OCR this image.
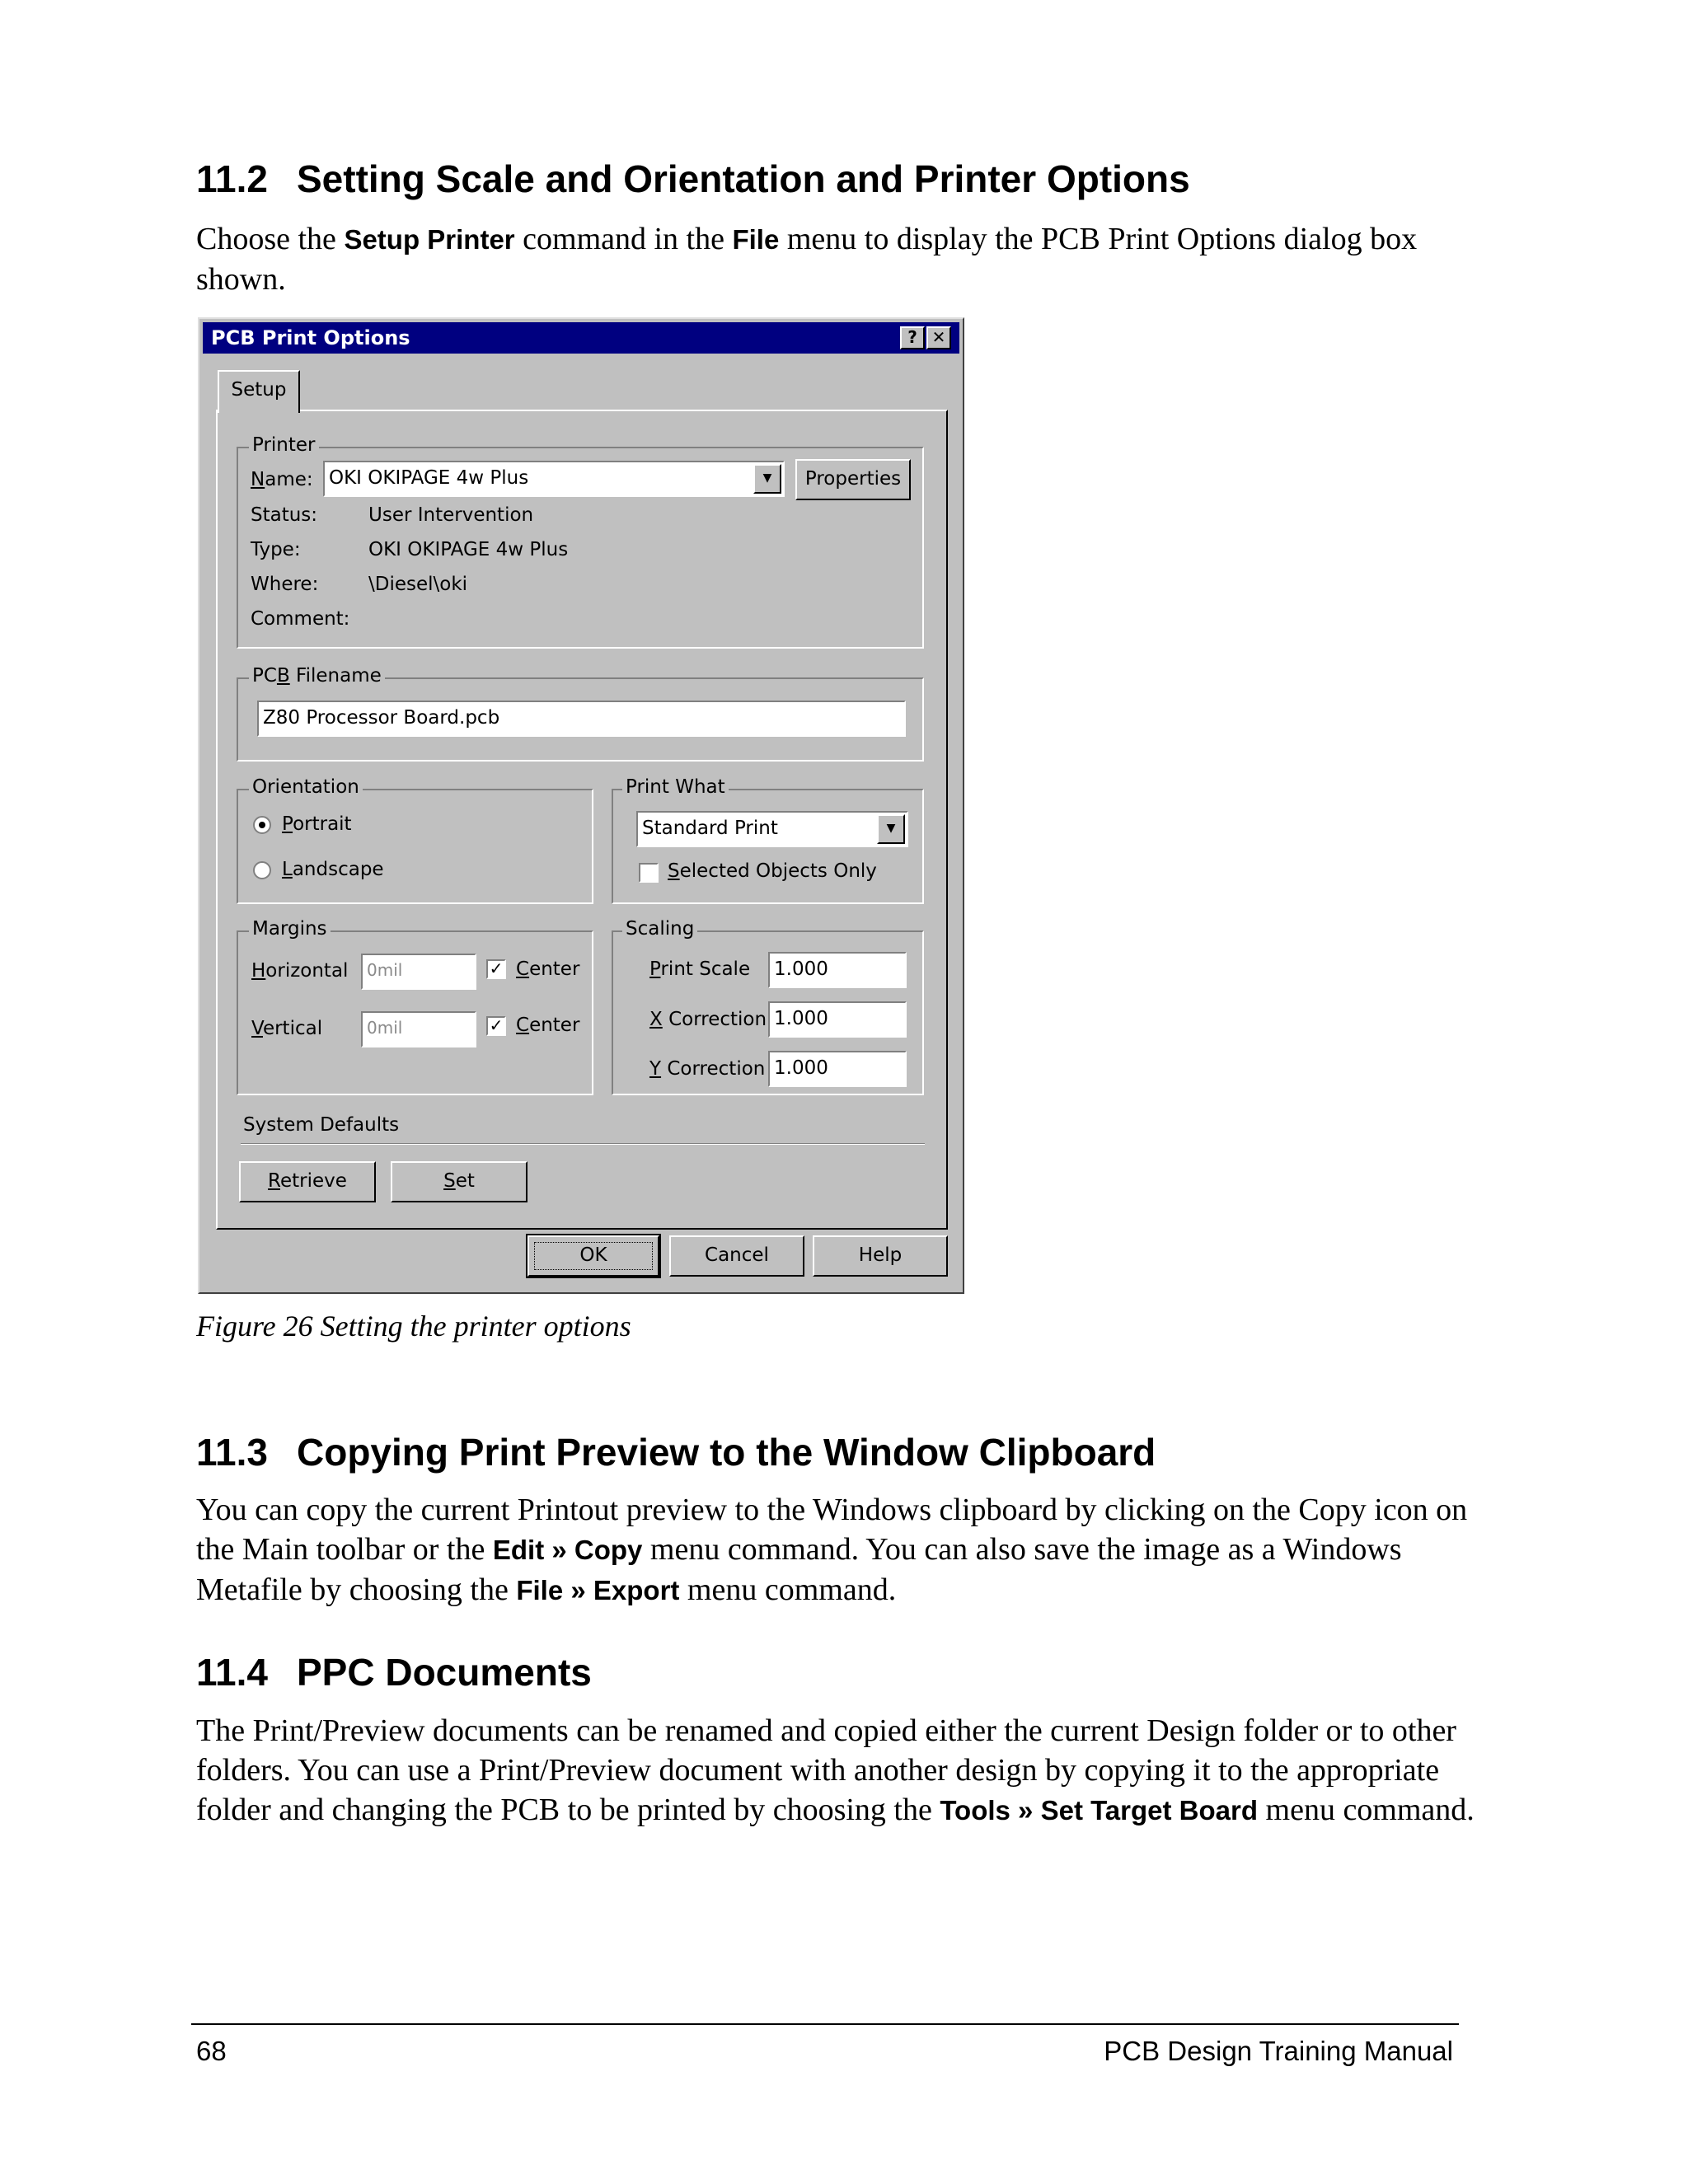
11.2 Setting Scale and Orientation and Printer Options

Choose the Setup Printer command in the File menu to display the PCB Print Options dialog box shown.

PCB Print Options	? ✕
Setup
Printer
Name: OKI OKIPAGE 4w Plus	▼	Properties
Status:	User Intervention
Type:	OKI OKIPAGE 4w Plus
Where:	\Diesel\oki
Comment:
PCB Filename
Z80 Processor Board.pcb
Orientation
Portrait
Landscape
Print What
Standard Print	▼
Selected Objects Only
Margins
Horizontal	0mil	✓ Center
Vertical	0mil	✓ Center
Scaling
Print Scale	1.000
X Correction 1.000
Y Correction 1.000
System Defaults
Retrieve	Set
OK	Cancel	Help
Figure 26 Setting the printer options
11.3 Copying Print Preview to the Window Clipboard

You can copy the current Printout preview to the Windows clipboard by clicking on the Copy icon on the Main toolbar or the Edit » Copy menu command. You can also save the image as a Windows Metafile by choosing the File » Export menu command.

11.4 PPC Documents

The Print/Preview documents can be renamed and copied either the current Design folder or to other folders. You can use a Print/Preview document with another design by copying it to the appropriate folder and changing the PCB to be printed by choosing the Tools » Set Target Board menu command.

68	PCB Design Training Manual
